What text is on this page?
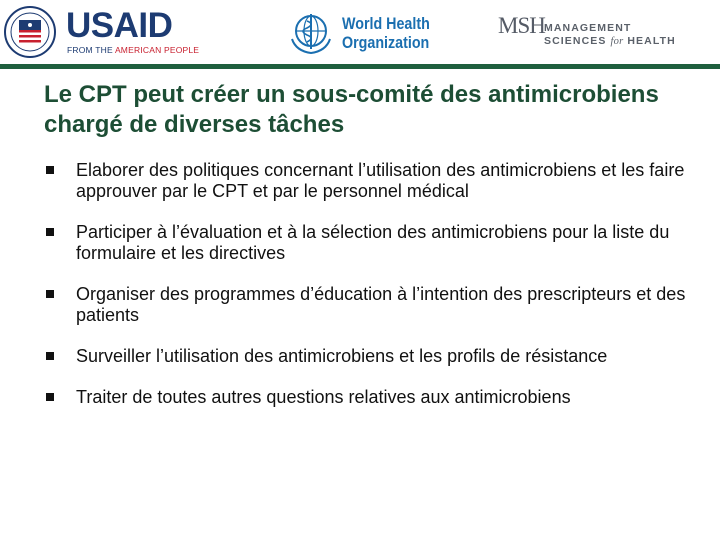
USAID
FROM THE AMERICAN PEOPLE
World Health
Organization
MSH MANAGEMENT
SCIENCES for HEALTH
Le CPT peut créer un sous-comité des antimicrobiens chargé de diverses tâches
Elaborer des politiques concernant l’utilisation des antimicrobiens et les faire approuver par le CPT et par le personnel médical
Participer à l’évaluation et à la sélection des antimicrobiens pour la liste du formulaire et les directives
Organiser des programmes d’éducation à l’intention des prescripteurs et des patients
Surveiller l’utilisation des antimicrobiens et les profils de résistance
Traiter de toutes autres questions relatives aux antimicrobiens
